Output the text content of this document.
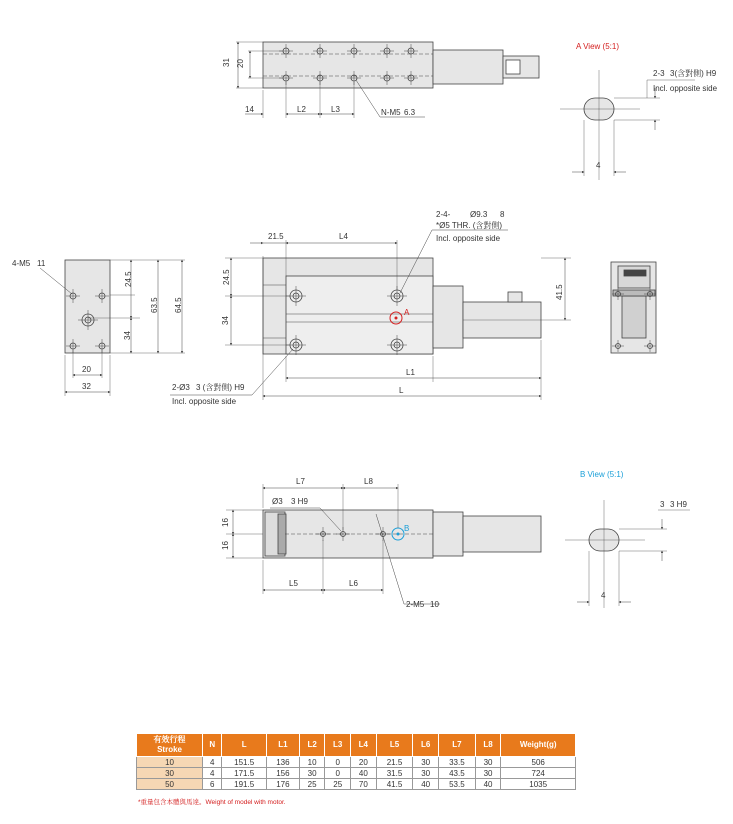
31 20
14	L2	L3	N-M5 6.3
A View (5:1)
2-3 3(含對側) H9
Incl. opposite side
4
4-M5 11
24.5
34
63.5 64.5
20
32
21.5	L4
24.5
34
41.5
L1
L
2-4- Ø9.3 8
*Ø5 THR. (含對側)
Incl. opposite side
2-Ø3 3 (含對側) H9
Incl. opposite side
A
L7	L8
16
16
L5	L6
Ø3 3 H9
2-M5 10
B
B View (5:1)
3 3 H9
4
有效行程
Stroke	N	L	L1	L2	L3	L4	L5	L6	L7	L8	Weight(g)
10	4	151.5	136	10	0	20	21.5	30	33.5	30	506
30	4	171.5	156	30	0	40	31.5	30	43.5	30	724
50	6	191.5	176	25	25	70	41.5	40	53.5	40	1035
*重量包含本體與馬達。Weight of model with motor.
